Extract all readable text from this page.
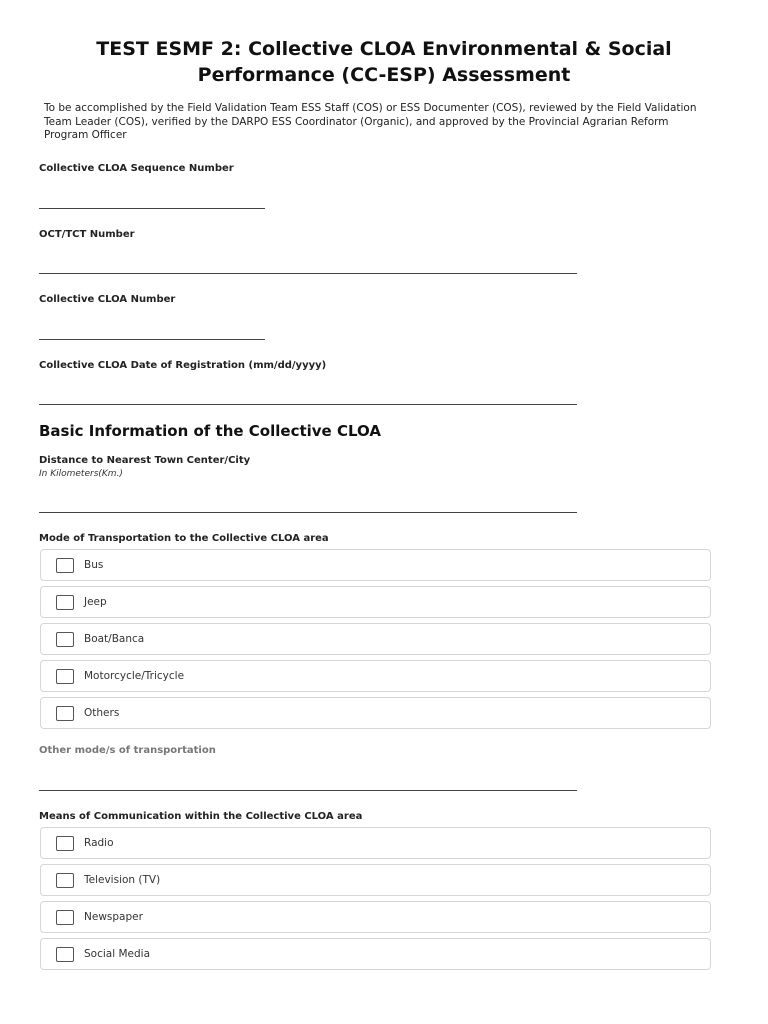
TEST ESMF 2: Collective CLOA Environmental & Social Performance (CC-ESP) Assessment
To be accomplished by the Field Validation Team ESS Staff (COS) or ESS Documenter (COS), reviewed by the Field Validation Team Leader (COS), verified by the DARPO ESS Coordinator (Organic), and approved by the Provincial Agrarian Reform Program Officer
Collective CLOA Sequence Number
OCT/TCT Number
Collective CLOA Number
Collective CLOA Date of Registration (mm/dd/yyyy)
Basic Information of the Collective CLOA
Distance to Nearest Town Center/City
In Kilometers(Km.)
Mode of Transportation to the Collective CLOA area
Bus
Jeep
Boat/Banca
Motorcycle/Tricycle
Others
Other mode/s of transportation
Means of Communication within the Collective CLOA area
Radio
Television (TV)
Newspaper
Social Media
